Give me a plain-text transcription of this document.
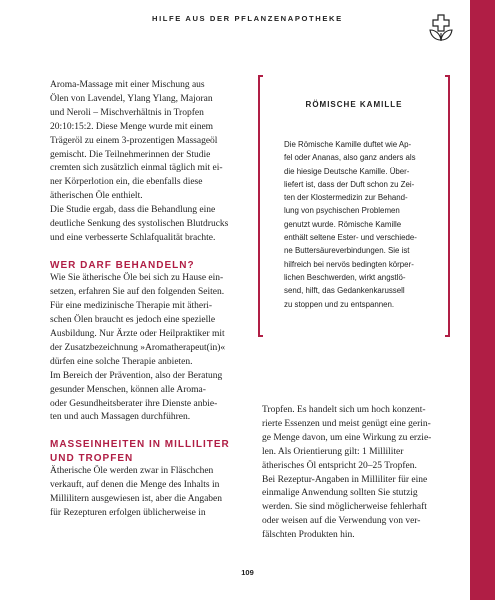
HILFE AUS DER PFLANZENAPOTHEKE

Aroma-Massage mit einer Mischung aus
Ölen von Lavendel, Ylang Ylang, Majoran
und Neroli – Mischverhältnis in Tropfen
20:10:15:2. Diese Menge wurde mit einem
Trägeröl zu einem 3-prozentigen Massageöl
gemischt. Die Teilnehmerinnen der Studie
cremten sich zusätzlich einmal täglich mit ei-
ner Körperlotion ein, die ebenfalls diese
ätherischen Öle enthielt.
Die Studie ergab, dass die Behandlung eine
deutliche Senkung des systolischen Blutdrucks
und eine verbesserte Schlafqualität brachte.

WER DARF BEHANDELN?

Wie Sie ätherische Öle bei sich zu Hause ein-
setzen, erfahren Sie auf den folgenden Seiten.
Für eine medizinische Therapie mit ätheri-
schen Ölen braucht es jedoch eine spezielle
Ausbildung. Nur Ärzte oder Heilpraktiker mit
der Zusatzbezeichnung »Aromatherapeut(in)«
dürfen eine solche Therapie anbieten.
Im Bereich der Prävention, also der Beratung
gesunder Menschen, können alle Aroma-
oder Gesundheitsberater ihre Dienste anbie-
ten und auch Massagen durchführen.

MASSEINHEITEN IN MILLILITER
UND TROPFEN

Ätherische Öle werden zwar in Fläschchen
verkauft, auf denen die Menge des Inhalts in
Millilitern ausgewiesen ist, aber die Angaben
für Rezepturen erfolgen üblicherweise in

RÖMISCHE KAMILLE

Die Römische Kamille duftet wie Ap-
fel oder Ananas, also ganz anders als
die hiesige Deutsche Kamille. Über-
liefert ist, dass der Duft schon zu Zei-
ten der Klostermedizin zur Behand-
lung von psychischen Problemen
genutzt wurde. Römische Kamille
enthält seltene Ester- und verschiede-
ne Buttersäureverbindungen. Sie ist
hilfreich bei nervös bedingten körper-
lichen Beschwerden, wirkt angstlö-
send, hilft, das Gedankenkarussell
zu stoppen und zu entspannen.

Tropfen. Es handelt sich um hoch konzent-
rierte Essenzen und meist genügt eine gerin-
ge Menge davon, um eine Wirkung zu erzie-
len. Als Orientierung gilt: 1 Milliliter
ätherisches Öl entspricht 20–25 Tropfen.
Bei Rezeptur-Angaben in Milliliter für eine
einmalige Anwendung sollten Sie stutzig
werden. Sie sind möglicherweise fehlerhaft
oder weisen auf die Verwendung von ver-
fälschten Produkten hin.

109
